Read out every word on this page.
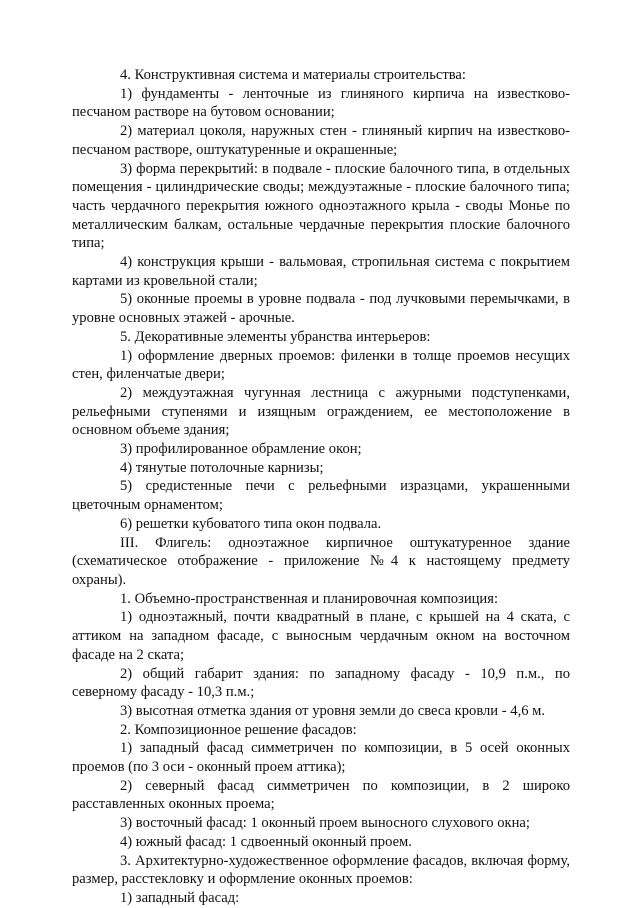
4. Конструктивная система и материалы строительства:

1) фундаменты - ленточные из глиняного кирпича на известково-песчаном растворе на бутовом основании;

2) материал цоколя, наружных стен - глиняный кирпич на известково-песчаном растворе, оштукатуренные и окрашенные;

3) форма перекрытий: в подвале - плоские балочного типа, в отдельных помещения - цилиндрические своды; междуэтажные - плоские балочного типа; часть чердачного перекрытия южного одноэтажного крыла - своды Монье по металлическим балкам, остальные чердачные перекрытия плоские балочного типа;

4) конструкция крыши - вальмовая, стропильная система с покрытием картами из кровельной стали;

5) оконные проемы в уровне подвала - под лучковыми перемычками, в уровне основных этажей - арочные.

5. Декоративные элементы убранства интерьеров:

1) оформление дверных проемов: филенки в толще проемов несущих стен, филенчатые двери;

2) междуэтажная чугунная лестница с ажурными подступенками, рельефными ступенями и изящным ограждением, ее местоположение в основном объеме здания;

3) профилированное обрамление окон;

4) тянутые потолочные карнизы;

5) средистенные печи с рельефными изразцами, украшенными цветочным орнаментом;

6) решетки кубоватого типа окон подвала.

III. Флигель: одноэтажное кирпичное оштукатуренное здание (схематическое отображение - приложение №4 к настоящему предмету охраны).

1. Объемно-пространственная и планировочная композиция:

1) одноэтажный, почти квадратный в плане, с крышей на 4 ската, с аттиком на западном фасаде, с выносным чердачным окном на восточном фасаде на 2 ската;

2) общий габарит здания: по западному фасаду - 10,9 п.м., по северному фасаду - 10,3 п.м.;

3) высотная отметка здания от уровня земли до свеса кровли - 4,6 м.

2. Композиционное решение фасадов:

1) западный фасад симметричен по композиции, в 5 осей оконных проемов (по 3 оси - оконный проем аттика);

2) северный фасад симметричен по композиции, в 2 широко расставленных оконных проема;

3) восточный фасад: 1 оконный проем выносного слухового окна;

4) южный фасад: 1 сдвоенный оконный проем.

3. Архитектурно-художественное оформление фасадов, включая форму, размер, расстекловку и оформление оконных проемов:

1) западный фасад:
